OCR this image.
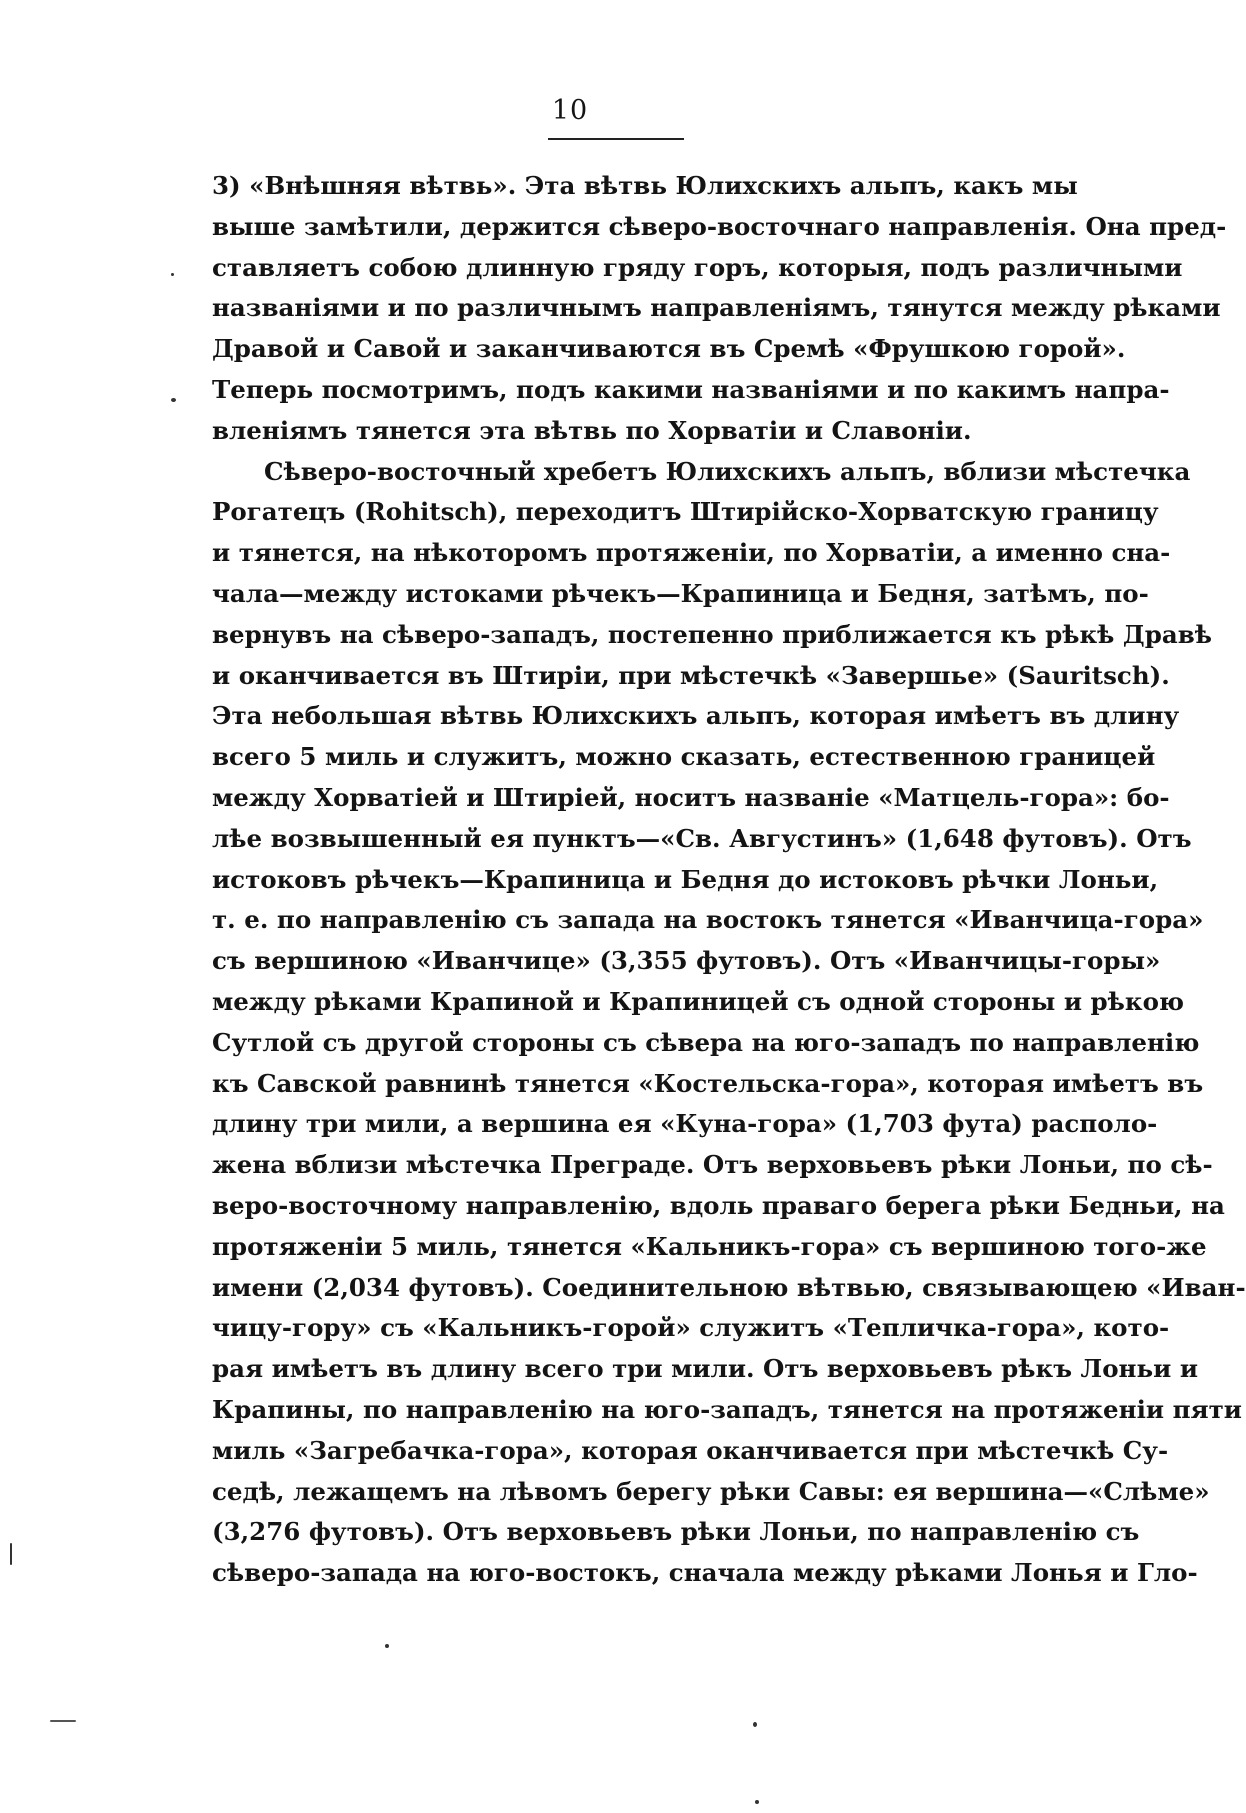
10
3) «Внѣшняя вѣтвь». Эта вѣтвь Юлихскихъ альпъ, какъ мы
выше замѣтили, держится сѣверо-восточнаго направленія. Она пред-
ставляетъ собою длинную гряду горъ, которыя, подъ различными
названіями и по различнымъ направленіямъ, тянутся между рѣками
Дравой и Савой и заканчиваются въ Сремѣ «Фрушкою горой».
Теперь посмотримъ, подъ какими названіями и по какимъ напра-
вленіямъ тянется эта вѣтвь по Хорватіи и Славоніи.
Сѣверо-восточный хребетъ Юлихскихъ альпъ, вблизи мѣстечка
Рогатецъ (Rohitsch), переходитъ Штирійско-Хорватскую границу
и тянется, на нѣкоторомъ протяженіи, по Хорватіи, а именно сна-
чала—между истоками рѣчекъ—Крапиница и Бедня, затѣмъ, по-
вернувъ на сѣверо-западъ, постепенно приближается къ рѣкѣ Дравѣ
и оканчивается въ Штиріи, при мѣстечкѣ «Завершье» (Sauritsch).
Эта небольшая вѣтвь Юлихскихъ альпъ, которая имѣетъ въ длину
всего 5 миль и служитъ, можно сказать, естественною границей
между Хорватіей и Штиріей, носитъ названіе «Матцель-гора»: бо-
лѣе возвышенный ея пунктъ—«Св. Августинъ» (1,648 футовъ). Отъ
истоковъ рѣчекъ—Крапиница и Бедня до истоковъ рѣчки Лоньи,
т. е. по направленію съ запада на востокъ тянется «Иванчица-гора»
съ вершиною «Иванчице» (3,355 футовъ). Отъ «Иванчицы-горы»
между рѣками Крапиной и Крапиницей съ одной стороны и рѣкою
Сутлой съ другой стороны съ сѣвера на юго-западъ по направленію
къ Савской равнинѣ тянется «Костельска-гора», которая имѣетъ въ
длину три мили, а вершина ея «Куна-гора» (1,703 фута) располо-
жена вблизи мѣстечка Преградe. Отъ верховьевъ рѣки Лоньи, по сѣ-
веро-восточному направленію, вдоль праваго берега рѣки Бедньи, на
протяженіи 5 миль, тянется «Кальникъ-гора» съ вершиною того-же
имени (2,034 футовъ). Соединительною вѣтвью, связывающею «Иван-
чицу-гору» съ «Кальникъ-горой» служитъ «Тепличка-гора», кото-
рая имѣетъ въ длину всего три мили. Отъ верховьевъ рѣкъ Лоньи и
Крапины, по направленію на юго-западъ, тянется на протяженіи пяти
миль «Загребачка-гора», которая оканчивается при мѣстечкѣ Су-
седѣ, лежащемъ на лѣвомъ берегу рѣки Савы: ея вершина—«Слѣме»
(3,276 футовъ). Отъ верховьевъ рѣки Лоньи, по направленію съ
сѣверо-запада на юго-востокъ, сначала между рѣками Лонья и Гло-
